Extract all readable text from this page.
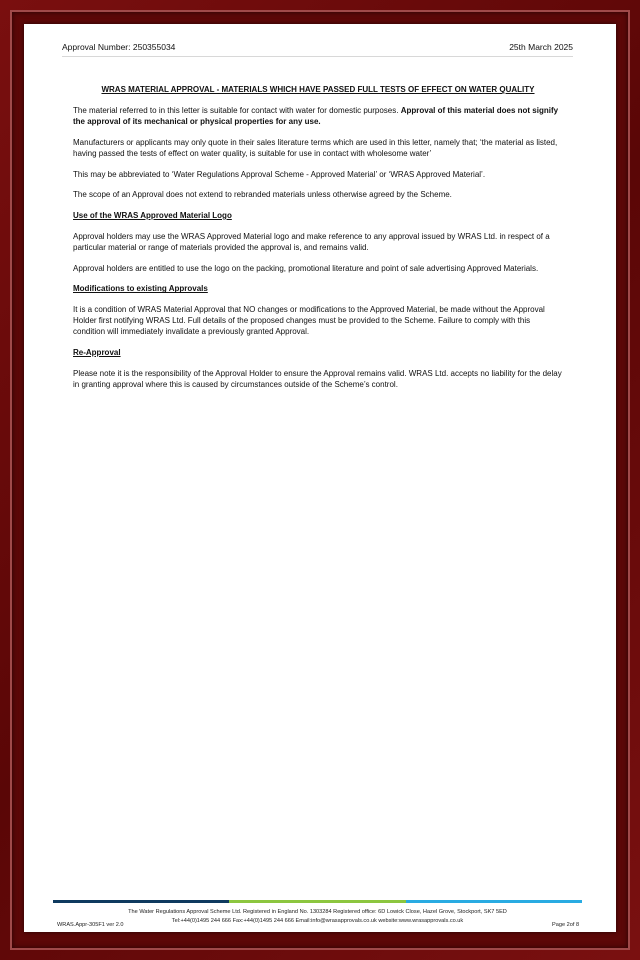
Approval Number: 250355034	25th March 2025

WRAS MATERIAL APPROVAL - MATERIALS WHICH HAVE PASSED FULL TESTS OF EFFECT ON WATER QUALITY

The material referred to in this letter is suitable for contact with water for domestic purposes. Approval of this material does not signify the approval of its mechanical or physical properties for any use.

Manufacturers or applicants may only quote in their sales literature terms which are used in this letter, namely that; ‘the material as listed, having passed the tests of effect on water quality, is suitable for use in contact with wholesome water’

This may be abbreviated to ‘Water Regulations Approval Scheme - Approved Material’ or ‘WRAS Approved Material’.

The scope of an Approval does not extend to rebranded materials unless otherwise agreed by the Scheme.

Use of the WRAS Approved Material Logo

Approval holders may use the WRAS Approved Material logo and make reference to any approval issued by WRAS Ltd. in respect of a particular material or range of materials provided the approval is, and remains valid.

Approval holders are entitled to use the logo on the packing, promotional literature and point of sale advertising Approved Materials.

Modifications to existing Approvals

It is a condition of WRAS Material Approval that NO changes or modifications to the Approved Material, be made without the Approval Holder first notifying WRAS Ltd. Full details of the proposed changes must be provided to the Scheme. Failure to comply with this condition will immediately invalidate a previously granted Approval.

Re-Approval

Please note it is the responsibility of the Approval Holder to ensure the Approval remains valid. WRAS Ltd. accepts no liability for the delay in granting approval where this is caused by circumstances outside of the Scheme’s control.

The Water Regulations Approval Scheme Ltd. Registered in England No. 1303284 Registered office: 6D Lowick Close, Hazel Grove, Stockport, SK7 5ED
Tel:+44(0)1495 244 666 Fax:+44(0)1495 244 666 Email:info@wrasapprovals.co.uk website:www.wrasapprovals.co.uk
WRAS.Appr-305F1 ver 2.0	Page 2of 8
